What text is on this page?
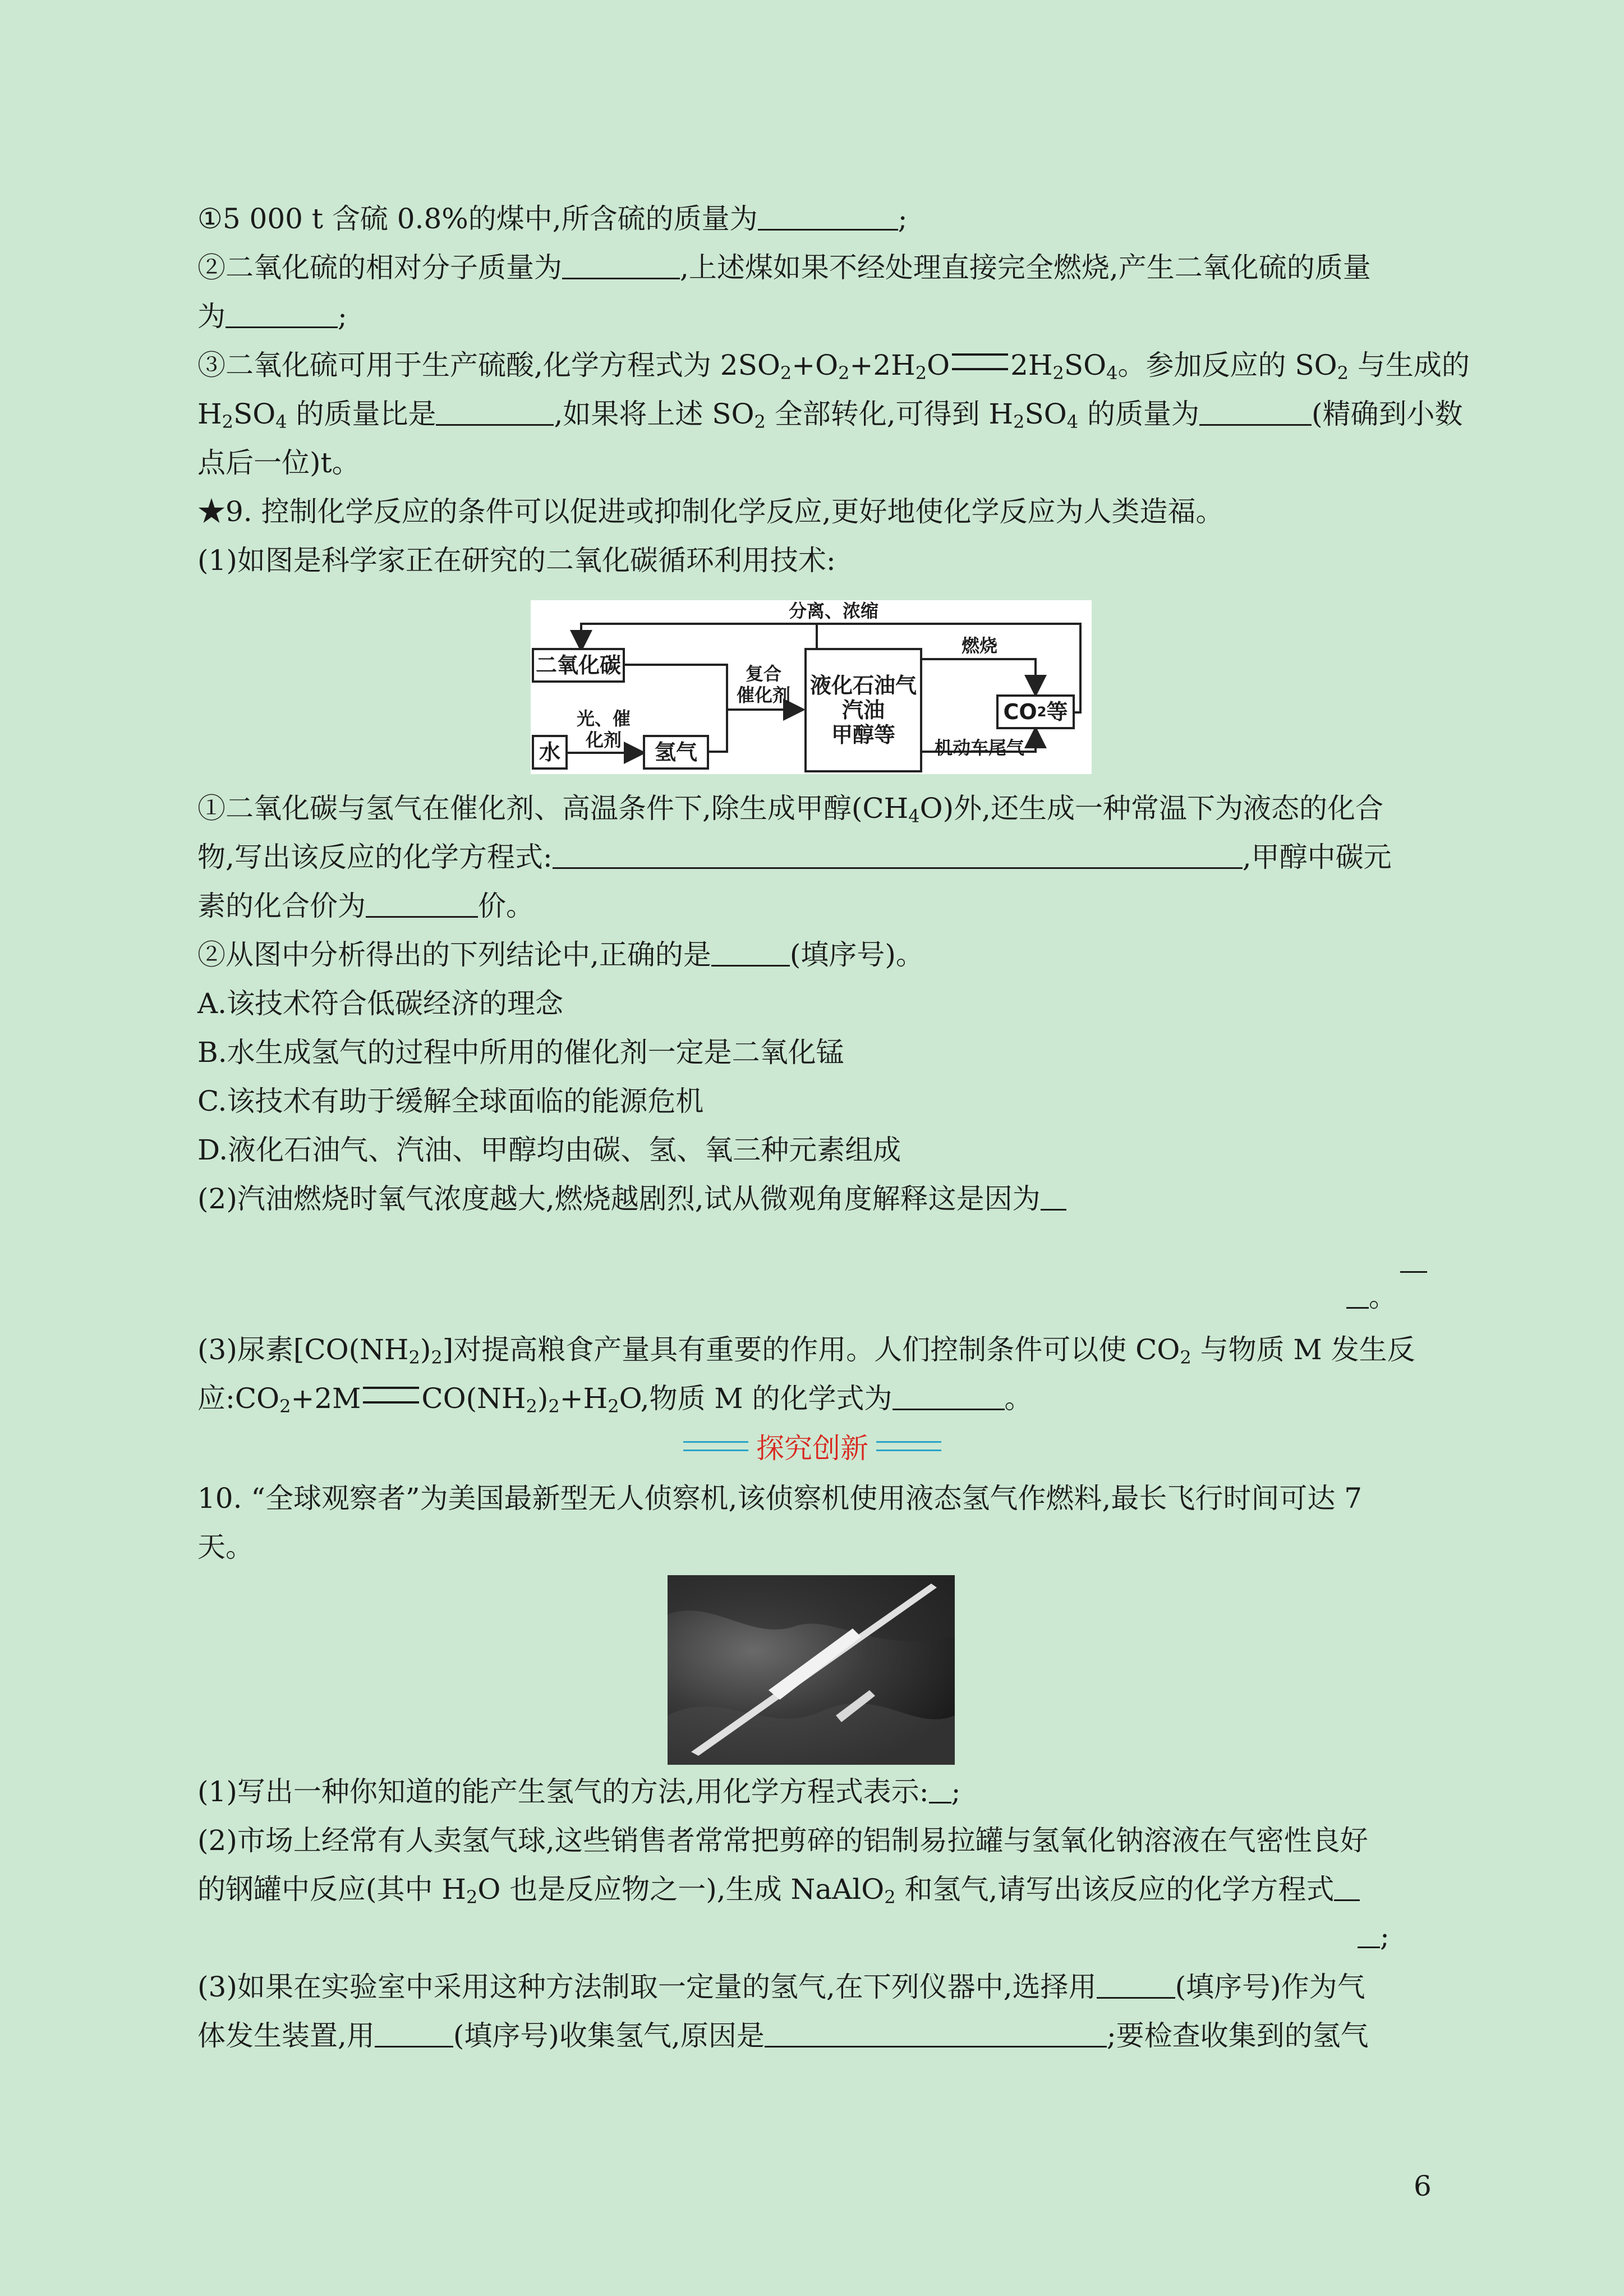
①5 000 t 含硫 0.8%的煤中,所含硫的质量为	;
②二氧化硫的相对分子质量为	,上述煤如果不经处理直接完全燃烧,产生二氧化硫的质量
为	;
③二氧化硫可用于生产硫酸,化学方程式为 $2SO_2+O_2+2H_2O$ $2H_2SO_4$。参加反应的 $SO_2$ 与生成的
$H_2SO_4$ 的质量比是	,如果将上述 $SO_2$ 全部转化,可得到 $H_2SO_4$ 的质量为	(精确到小数
点后一位)t。
★9. 控制化学反应的条件可以促进或抑制化学反应,更好地使化学反应为人类造福。
(1)如图是科学家正在研究的二氧化碳循环利用技术:
分离、浓缩
二氧化碳	复合
催化剂 液化石油气
汽油
甲醇等
燃烧
CO 2 等
光、催
化剂
水	氢气	机动车尾气
①二氧化碳与氢气在催化剂、高温条件下,除生成甲醇$(CH_4O)$外,还生成一种常温下为液态的化合
物,写出该反应的化学方程式:	,甲醇中碳元
素的化合价为	价。
②从图中分析得出的下列结论中,正确的是	(填序号)。
A.该技术符合低碳经济的理念
B.水生成氢气的过程中所用的催化剂一定是二氧化锰
C.该技术有助于缓解全球面临的能源危机
D.液化石油气、汽油、甲醇均由碳、氢、氧三种元素组成
(2)汽油燃烧时氧气浓度越大,燃烧越剧烈,试从微观角度解释这是因为
。
(3)尿素$[CO(NH_2)_2]$对提高粮食产量具有重要的作用。人们控制条件可以使 $CO_2$ 与物质 M 发生反
应$:CO_2+2M$ $CO(NH_2)_2+H_2O$,物质 M 的化学式为	。
探究创新
10. “全球观察者”为美国最新型无人侦察机,该侦察机使用液态氢气作燃料,最长飞行时间可达 7
天。
(1)写出一种你知道的能产生氢气的方法,用化学方程式表示: ;
(2)市场上经常有人卖氢气球,这些销售者常常把剪碎的铝制易拉罐与氢氧化钠溶液在气密性良好
的钢罐中反应(其中 $H_2O$ 也是反应物之一),生成 NaAlO$_2$ 和氢气,请写出该反应的化学方程式
;
(3)如果在实验室中采用这种方法制取一定量的氢气,在下列仪器中,选择用	(填序号)作为气
体发生装置,用	(填序号)收集氢气,原因是	;要检查收集到的氢气
6
